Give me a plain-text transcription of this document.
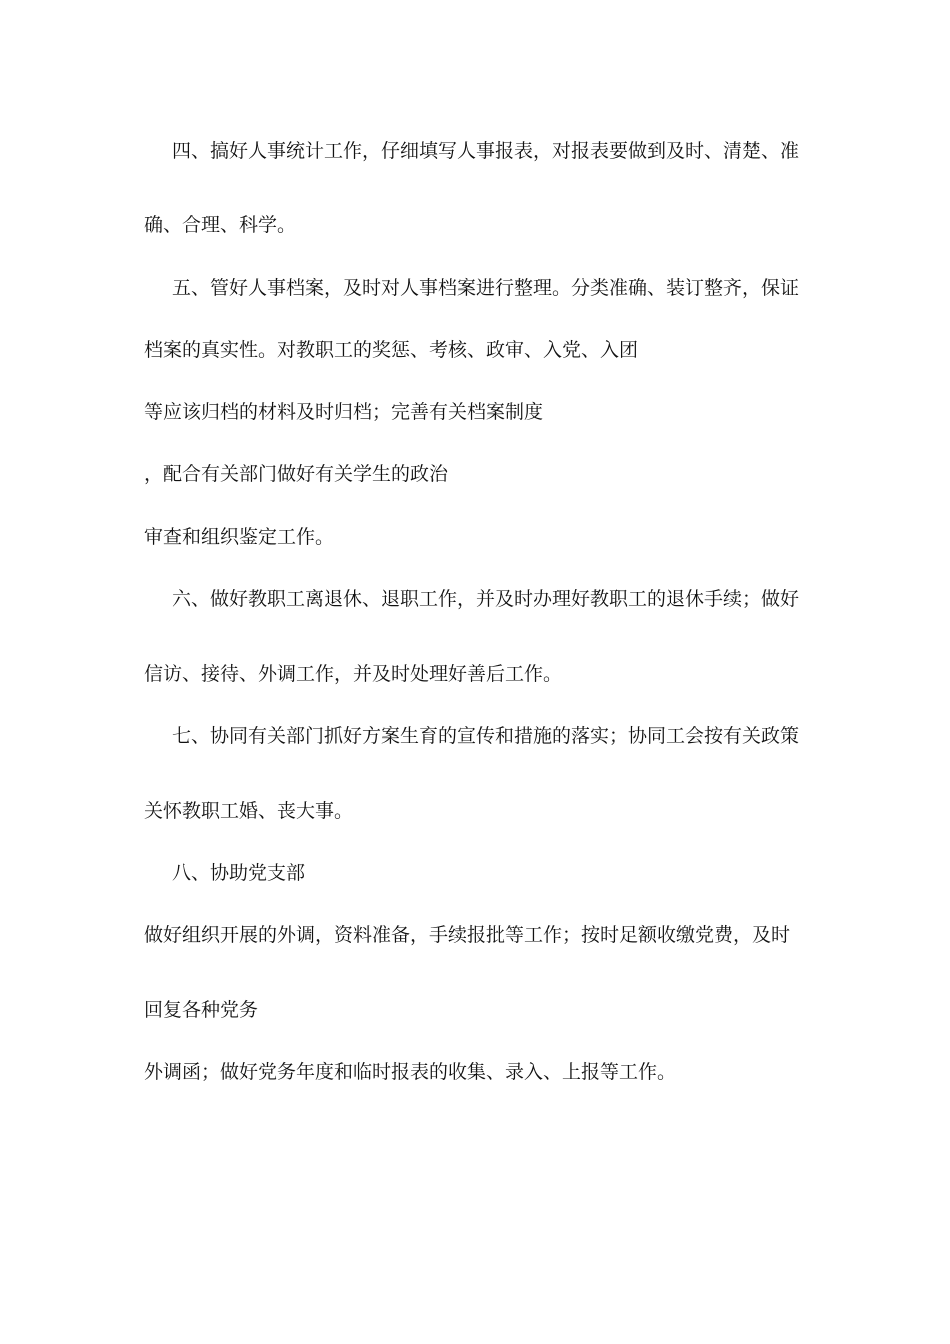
四、搞好人事统计工作，仔细填写人事报表，对报表要做到及时、清楚、准
确、合理、科学。
五、管好人事档案，及时对人事档案进行整理。分类准确、装订整齐，保证
档案的真实性。对教职工的奖惩、考核、政审、入党、入团
等应该归档的材料及时归档；完善有关档案制度
，配合有关部门做好有关学生的政治
审查和组织鉴定工作。
六、做好教职工离退休、退职工作，并及时办理好教职工的退休手续；做好
信访、接待、外调工作，并及时处理好善后工作。
七、协同有关部门抓好方案生育的宣传和措施的落实；协同工会按有关政策
关怀教职工婚、丧大事。
八、协助党支部
做好组织开展的外调，资料准备，手续报批等工作；按时足额收缴党费，及时
回复各种党务
外调函；做好党务年度和临时报表的收集、录入、上报等工作。
